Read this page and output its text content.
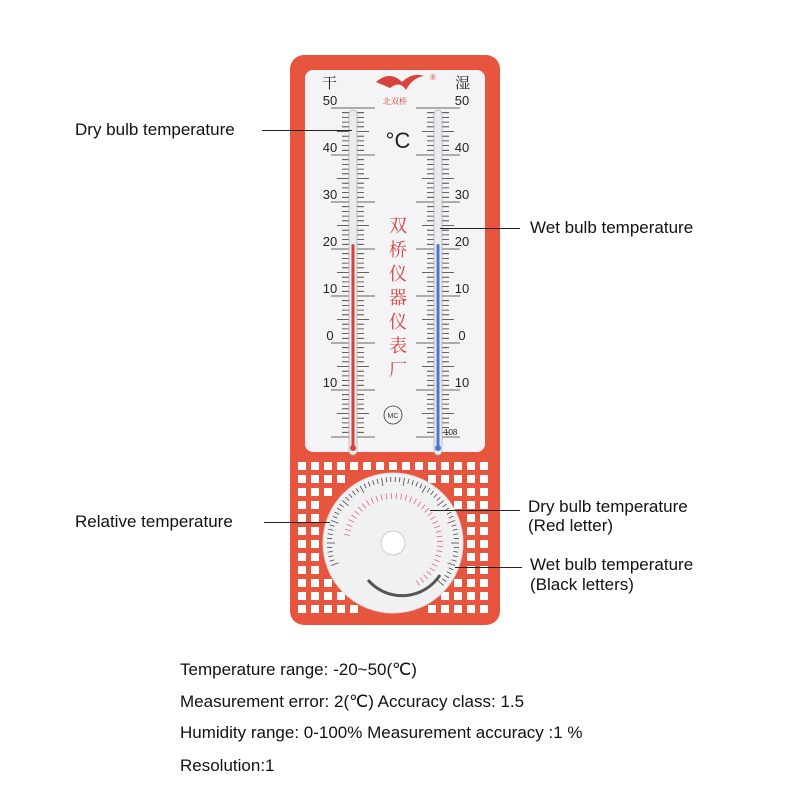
®
北双桥
干	湿
°C
50	50
40	40
30	30
20	20
10	10
0	0
10	10
双
桥
仪
器
仪
表
厂
MC
108
Dry bulb temperature
Wet bulb temperature
Relative temperature
Dry bulb temperature
(Red letter)
Wet bulb temperature
(Black letters)
Temperature range: -20~50(℃)
Measurement error: 2(℃) Accuracy class: 1.5
Humidity range: 0-100% Measurement accuracy :1 %
Resolution:1
